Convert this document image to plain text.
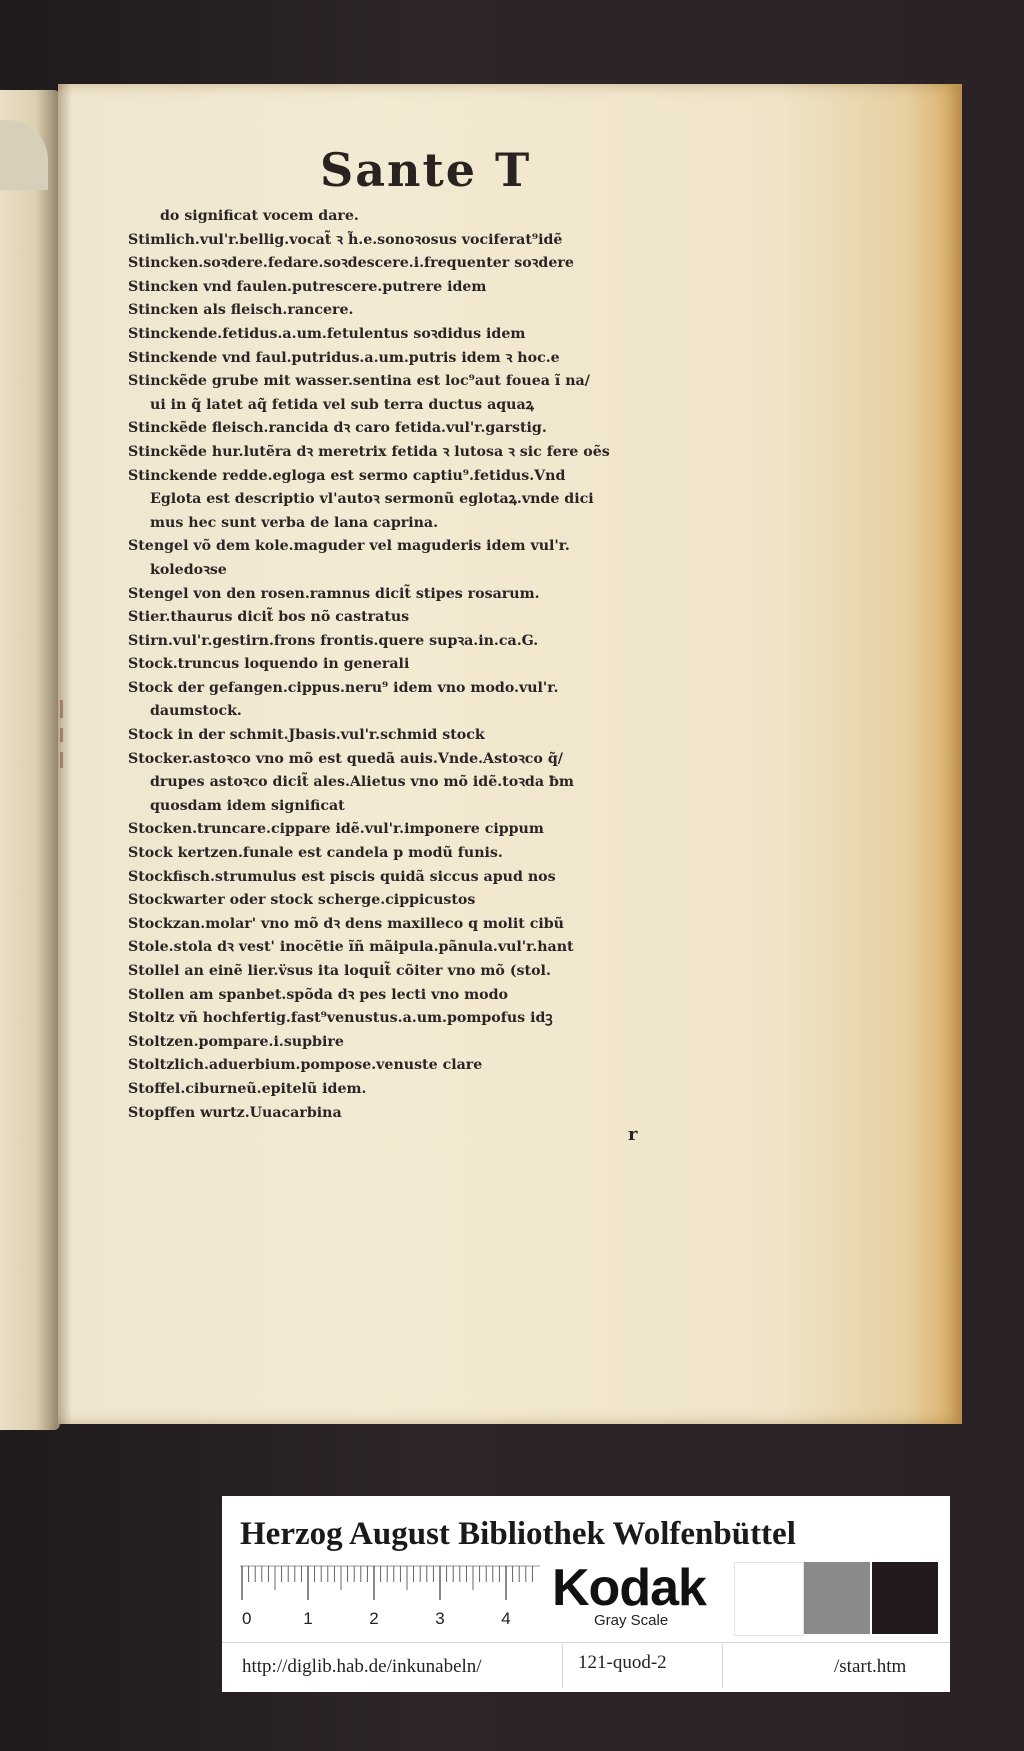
Sante T
do significat vocem dare.
Stimlich.vul'r.bellig.vocat̃ ꝛ h̃.e.sonoꝛosus vociferat⁹idẽ
Stincken.soꝛdere.fedare.soꝛdescere.i.frequenter soꝛdere
Stincken vnd faulen.putrescere.putrere idem
Stincken als fleisch.rancere.
Stinckende.fetidus.a.um.fetulentus soꝛdidus idem
Stinckende vnd faul.putridus.a.um.putris idem ꝛ hoc.e
Stinckẽde grube mit wasser.sentina est loc⁹aut fouea ĩ na/
ui in q̃ latet aq̃ fetida vel sub terra ductus aquaꝝ
Stinckẽde fleisch.rancida dꝛ caro fetida.vul'r.garstig.
Stinckẽde hur.lutẽra dꝛ meretrix fetida ꝛ lutosa ꝛ sic fere oẽs
Stinckende redde.egloga est sermo captiu⁹.fetidus.Vnd
Eglota est descriptio vl'autoꝛ sermonũ eglotaꝝ.vnde dici
mus hec sunt verba de lana caprina.
Stengel võ dem kole.maguder vel maguderis idem vul'r.
koledoꝛse
Stengel von den rosen.ramnus dicit̃ stipes rosarum.
Stier.thaurus dicit̃ bos nõ castratus
Stirn.vul'r.gestirn.frons frontis.quere supꝛa.in.ca.G.
Stock.truncus loquendo in generali
Stock der gefangen.cippus.neru⁹ idem vno modo.vul'r.
daumstock.
Stock in der schmit.Jbasis.vul'r.schmid stock
Stocker.astoꝛco vno mõ est quedã auis.Vnde.Astoꝛco q̃/
drupes astoꝛco dicit̃ ales.Alietus vno mõ idẽ.toꝛda ƀm
quosdam idem significat
Stocken.truncare.cippare idẽ.vul'r.imponere cippum
Stock kertzen.funale est candela p modũ funis.
Stockfisch.strumulus est piscis quidã siccus apud nos
Stockwarter oder stock scherge.cippicustos
Stockzan.molar' vno mõ dꝛ dens maxilleco q molit cibũ
Stole.stola dꝛ vest' inocẽtie ĩñ mãipula.pãnula.vul'r.hant
Stollel an einẽ lier.v̈sus ita loquit̃ cõiter vno mõ (stol.
Stollen am spanbet.spõda dꝛ pes lecti vno modo
Stoltz vñ hochfertig.fast⁹venustus.a.um.pompofus idꝫ
Stoltzen.pompare.i.supbire
Stoltzlich.aduerbium.pompose.venuste clare
Stoffel.ciburneũ.epitelũ idem.
Stopffen wurtz.Uuacarbina
r
Herzog August Bibliothek Wolfenbüttel
0	1	2	3	4
Kodak
Gray Scale
http://diglib.hab.de/inkunabeln/	121-quod-2	/start.htm
